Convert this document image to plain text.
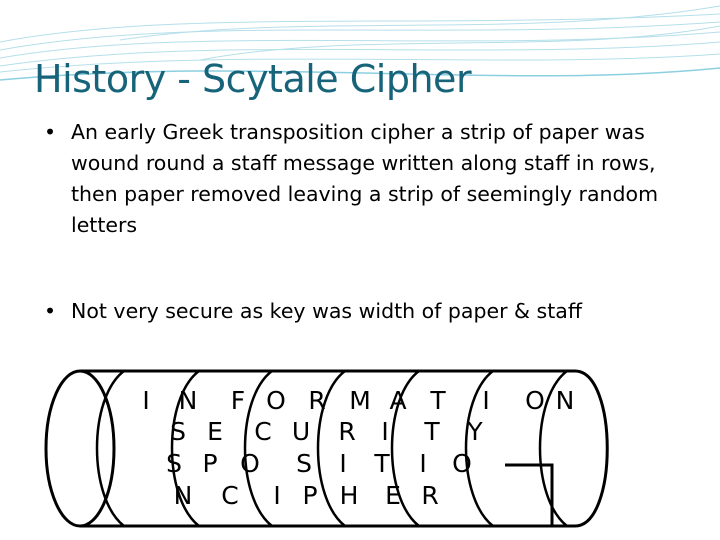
History - Scytale Cipher
• An early Greek transposition cipher a strip of paper was wound round a staff message written along staff in rows, then paper removed leaving a strip of seemingly random letters
• Not very secure as key was width of paper & staff
I N F O R M A T I O N
S E C U R I T Y
S P O S I T I O
N C I P H E R
